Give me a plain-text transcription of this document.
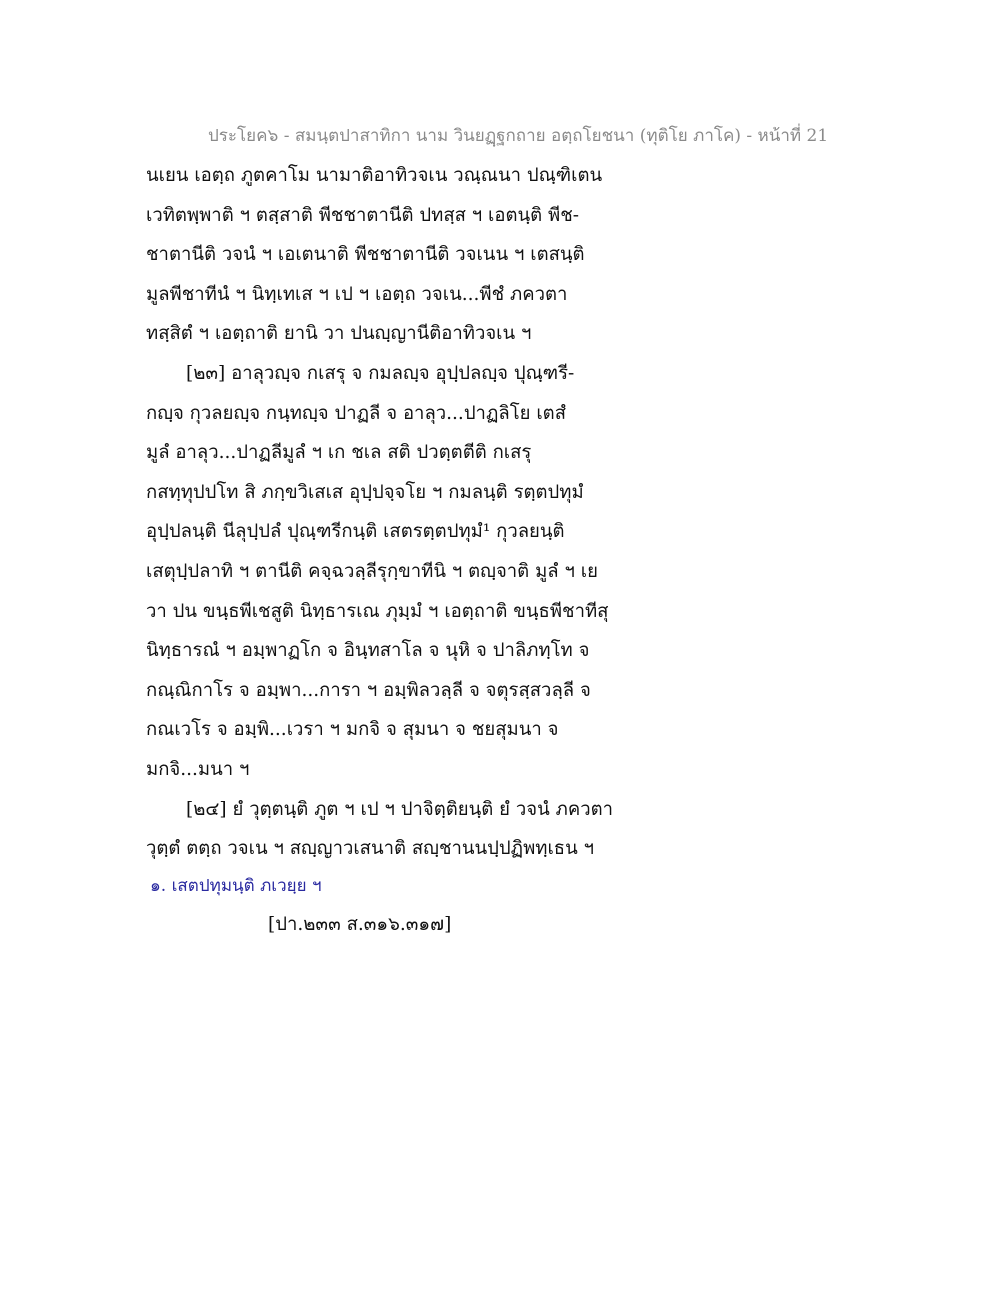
ประโยค๖ - สมนฺตปาสาทิกา นาม วินยฏฺฐกถาย อตฺถโยชนา (ทุติโย ภาโค) - หน้าที่ 21
นเยน เอตฺถ ภูตคาโม นามาติอาทิวจเน วณฺณนา ปณฺฑิเตน
เวทิตพฺพาติ ฯ ตสฺสาติ พีชชาตานีติ ปทสฺส ฯ เอตนฺติ พีช-
ชาตานีติ วจนํ ฯ เอเตนาติ พีชชาตานีติ วจเนน ฯ เตสนฺติ
มูลพีชาทีนํ ฯ นิทฺเทเส ฯ เป ฯ เอตฺถ วจเน...พีชํ ภควตา
ทสฺสิตํ ฯ เอตฺถาติ ยานิ วา ปนญฺญานีติอาทิวจเน ฯ
[๒๓] อาลุวญฺจ กเสรุ จ กมลญฺจ อุปฺปลญฺจ ปุณฺฑรี-
กญฺจ กุวลยญฺจ กนฺทญฺจ ปาฏลี จ อาลุว...ปาฏลิโย เตสํ
มูลํ อาลุว...ปาฏลีมูลํ ฯ เก ชเล สติ ปวตฺตตีติ กเสรุ
กสทฺทุปปโท สิ ภกฺขวิเสเส อุปฺปจฺจโย ฯ กมลนฺติ รตฺตปทุมํ
อุปฺปลนฺติ นีลุปฺปลํ ปุณฺฑรีกนฺติ เสตรตฺตปทุมํ¹ กุวลยนฺติ
เสตุปฺปลาทิ ฯ ตานีติ คจฺฉวลฺลีรุกฺขาทีนิ ฯ ตญฺจาติ มูลํ ฯ เย
วา ปน ขนฺธพีเชสูติ นิทฺธารเณ ภุมฺมํ ฯ เอตฺถาติ ขนฺธพีชาทีสุ
นิทฺธารณํ ฯ อมฺพาฏโก จ อินฺทสาโล จ นุหิ จ ปาลิภทฺโท จ
กณฺณิกาโร จ อมฺพา...การา ฯ อมฺพิลวลฺลี จ จตุรสฺสวลฺลี จ
กณเวโร จ อมฺพิ...เวรา ฯ มกจิ จ สุมนา จ ชยสุมนา จ
มกจิ...มนา ฯ
[๒๔] ยํ วุตฺตนฺติ ภูต ฯ เป ฯ ปาจิตฺติยนฺติ ยํ วจนํ ภควตา
วุตฺตํ ตตฺถ วจเน ฯ สญฺญาวเสนาติ สญฺชานนปฺปฏิพทฺเธน ฯ
๑. เสตปทุมนฺติ ภเวยฺย ฯ
[ปา.๒๓๓ ส.๓๑๖.๓๑๗]
